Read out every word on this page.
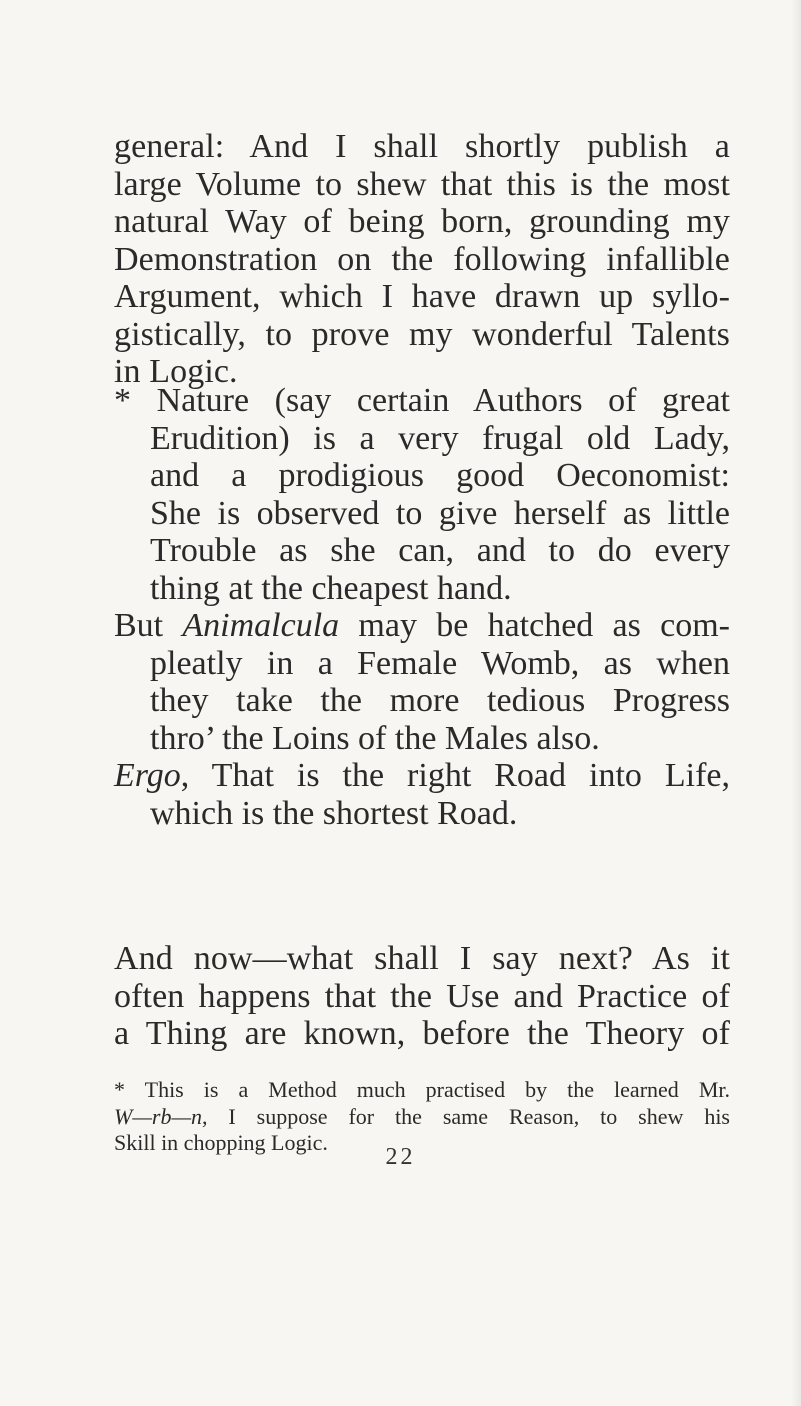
general: And I shall shortly publish a
large Volume to shew that this is the most
natural Way of being born, grounding my
Demonstration on the following infallible
Argument, which I have drawn up syllo-
gistically, to prove my wonderful Talents
in Logic.
* Nature (say certain Authors of great
Erudition) is a very frugal old Lady,
and a prodigious good Oeconomist:
She is observed to give herself as little
Trouble as she can, and to do every
thing at the cheapest hand.
But Animalcula may be hatched as com-
pleatly in a Female Womb, as when
they take the more tedious Progress
thro’ the Loins of the Males also.
Ergo, That is the right Road into Life,
which is the shortest Road.
And now—what shall I say next? As it
often happens that the Use and Practice of
a Thing are known, before the Theory of
* This is a Method much practised by the learned Mr.
W—rb—n, I suppose for the same Reason, to shew his
Skill in chopping Logic.
22
